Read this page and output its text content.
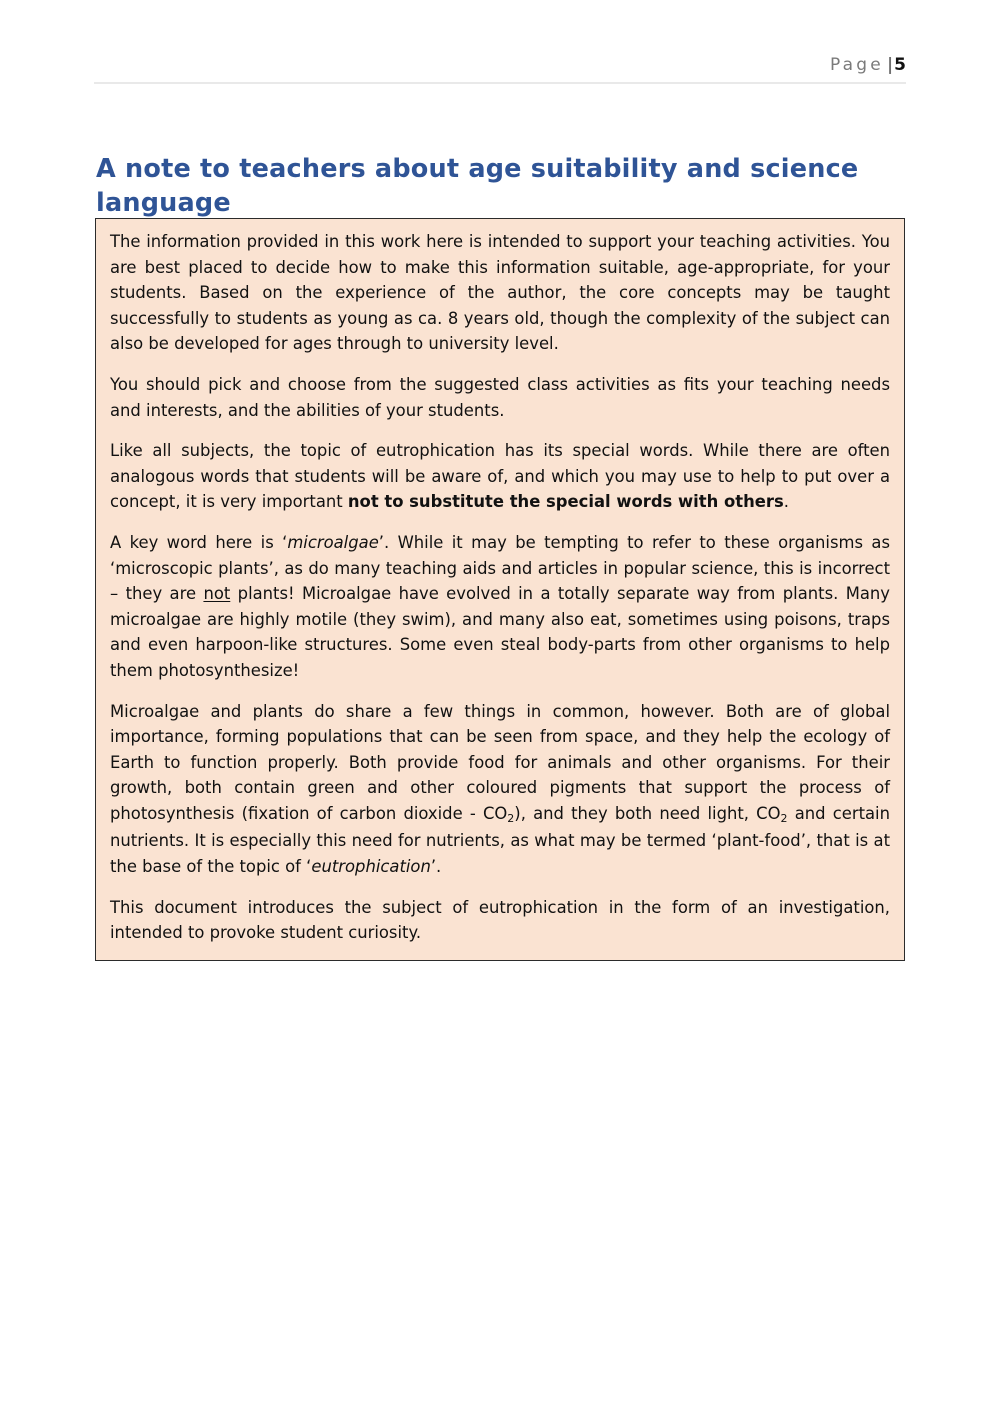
Page |5
A note to teachers about age suitability and science language

The information provided in this work here is intended to support your teaching activities. You are best placed to decide how to make this information suitable, age-appropriate, for your students. Based on the experience of the author, the core concepts may be taught successfully to students as young as ca. 8 years old, though the complexity of the subject can also be developed for ages through to university level.

You should pick and choose from the suggested class activities as fits your teaching needs and interests, and the abilities of your students.

Like all subjects, the topic of eutrophication has its special words. While there are often analogous words that students will be aware of, and which you may use to help to put over a concept, it is very important not to substitute the special words with others.

A key word here is ‘microalgae’. While it may be tempting to refer to these organisms as ‘microscopic plants’, as do many teaching aids and articles in popular science, this is incorrect – they are not plants! Microalgae have evolved in a totally separate way from plants. Many microalgae are highly motile (they swim), and many also eat, sometimes using poisons, traps and even harpoon-like structures. Some even steal body-parts from other organisms to help them photosynthesize!

Microalgae and plants do share a few things in common, however. Both are of global importance, forming populations that can be seen from space, and they help the ecology of Earth to function properly. Both provide food for animals and other organisms. For their growth, both contain green and other coloured pigments that support the process of photosynthesis (fixation of carbon dioxide - $CO_2$), and they both need light, $CO_2$ and certain nutrients. It is especially this need for nutrients, as what may be termed ‘plant-food’, that is at the base of the topic of ‘eutrophication’.

This document introduces the subject of eutrophication in the form of an investigation, intended to provoke student curiosity.
